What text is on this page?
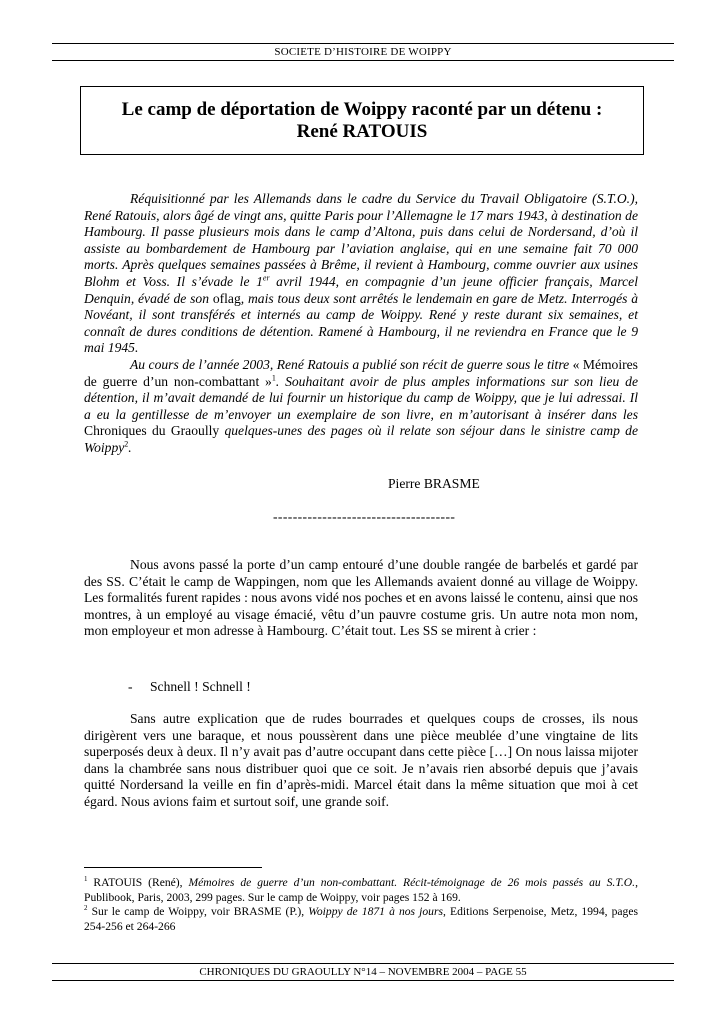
SOCIETE D’HISTOIRE DE WOIPPY
Le camp de déportation de Woippy raconté par un détenu :
René RATOUIS

Réquisitionné par les Allemands dans le cadre du Service du Travail Obligatoire (S.T.O.), René Ratouis, alors âgé de vingt ans, quitte Paris pour l’Allemagne le 17 mars 1943, à destination de Hambourg. Il passe plusieurs mois dans le camp d’Altona, puis dans celui de Nordersand, d’où il assiste au bombardement de Hambourg par l’aviation anglaise, qui en une semaine fait 70 000 morts. Après quelques semaines passées à Brême, il revient à Hambourg, comme ouvrier aux usines Blohm et Voss. Il s’évade le 1er avril 1944, en compagnie d’un jeune officier français, Marcel Denquin, évadé de son oflag, mais tous deux sont arrêtés le lendemain en gare de Metz. Interrogés à Novéant, il sont transférés et internés au camp de Woippy. René y reste durant six semaines, et connaît de dures conditions de détention. Ramené à Hambourg, il ne reviendra en France que le 9 mai 1945.

Au cours de l’année 2003, René Ratouis a publié son récit de guerre sous le titre « Mémoires de guerre d’un non-combattant »$^1$. Souhaitant avoir de plus amples informations sur son lieu de détention, il m’avait demandé de lui fournir un historique du camp de Woippy, que je lui adressai. Il a eu la gentillesse de m’envoyer un exemplaire de son livre, en m’autorisant à insérer dans les Chroniques du Graoully quelques-unes des pages où il relate son séjour dans le sinistre camp de Woippy$^2$.

Pierre BRASME
-------------------------------------

Nous avons passé la porte d’un camp entouré d’une double rangée de barbelés et gardé par des SS. C’était le camp de Wappingen, nom que les Allemands avaient donné au village de Woippy. Les formalités furent rapides : nous avons vidé nos poches et en avons laissé le contenu, ainsi que nos montres, à un employé au visage émacié, vêtu d’un pauvre costume gris. Un autre nota mon nom, mon employeur et mon adresse à Hambourg. C’était tout. Les SS se mirent à crier :

- Schnell ! Schnell !

Sans autre explication que de rudes bourrades et quelques coups de crosses, ils nous dirigèrent vers une baraque, et nous poussèrent dans une pièce meublée d’une vingtaine de lits superposés deux à deux. Il n’y avait pas d’autre occupant dans cette pièce […] On nous laissa mijoter dans la chambrée sans nous distribuer quoi que ce soit. Je n’avais rien absorbé depuis que j’avais quitté Nordersand la veille en fin d’après-midi. Marcel était dans la même situation que moi à cet égard. Nous avions faim et surtout soif, une grande soif.

$^1$ RATOUIS (René), Mémoires de guerre d’un non-combattant. Récit-témoignage de 26 mois passés au S.T.O., Publibook, Paris, 2003, 299 pages. Sur le camp de Woippy, voir pages 152 à 169.

$^2$ Sur le camp de Woippy, voir BRASME (P.), Woippy de 1871 à nos jours, Editions Serpenoise, Metz, 1994, pages 254-256 et 264-266

CHRONIQUES DU GRAOULLY N°14 – NOVEMBRE 2004 – PAGE 55
